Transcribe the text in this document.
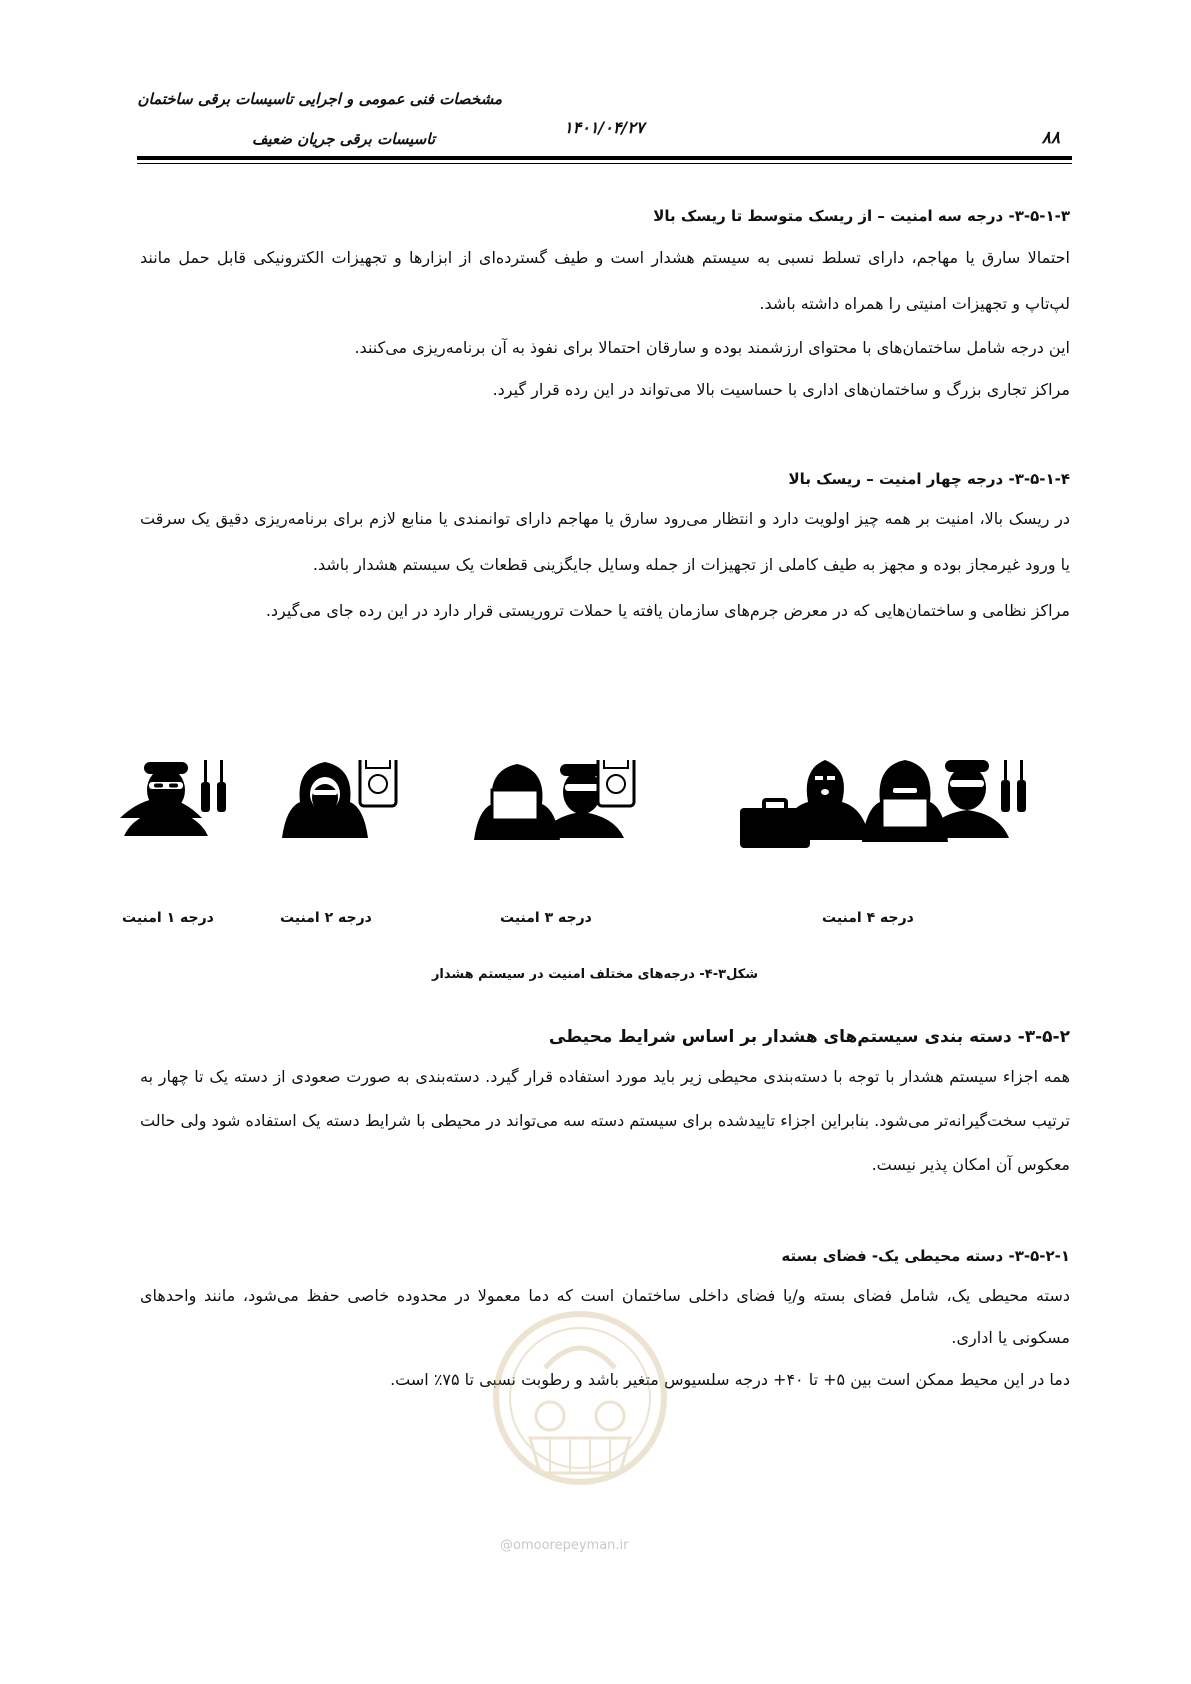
مشخصات فنی عمومی و اجرایی تاسیسات برقی ساختمان
تاسیسات برقی جریان ضعیف
۱۴۰۱/۰۴/۲۷
۸۸

۳-۵-۱-۳- درجه سه امنیت – از ریسک متوسط تا ریسک بالا

احتمالا سارق یا مهاجم، دارای تسلط نسبی به سیستم هشدار است و طیف گسترده‌ای از ابزارها و تجهیزات الکترونیکی قابل حمل مانند لپ‌تاپ و تجهیزات امنیتی را همراه داشته باشد.

این درجه شامل ساختمان‌های با محتوای ارزشمند بوده و سارقان احتمالا برای نفوذ به آن برنامه‌ریزی می‌کنند.

مراکز تجاری بزرگ و ساختمان‌های اداری با حساسیت بالا می‌تواند در این رده قرار گیرد.

۳-۵-۱-۴- درجه چهار امنیت – ریسک بالا

در ریسک بالا، امنیت بر همه چیز اولویت دارد و انتظار می‌رود سارق یا مهاجم دارای توانمندی یا منابع لازم برای برنامه‌ریزی دقیق یک سرقت یا ورود غیرمجاز بوده و مجهز به طیف کاملی از تجهیزات از جمله وسایل جایگزینی قطعات یک سیستم هشدار باشد.

مراکز نظامی و ساختمان‌هایی که در معرض جرم‌های سازمان یافته یا حملات تروریستی قرار دارد در این رده جای می‌گیرد.

درجه ۱ امنیت	درجه ۲ امنیت	درجه ۳ امنیت	درجه ۴ امنیت
شکل۳-۴- درجه‌های مختلف امنیت در سیستم هشدار

۳-۵-۲- دسته بندی سیستم‌های هشدار بر اساس شرایط محیطی

همه اجزاء سیستم هشدار با توجه با دسته‌بندی محیطی زیر باید مورد استفاده قرار گیرد. دسته‌بندی به صورت صعودی از دسته یک تا چهار به ترتیب سخت‌گیرانه‌تر می‌شود. بنابراین اجزاء تاییدشده برای سیستم دسته سه می‌تواند در محیطی با شرایط دسته یک استفاده شود ولی حالت معکوس آن امکان پذیر نیست.

۳-۵-۲-۱- دسته محیطی یک- فضای بسته

دسته محیطی یک، شامل فضای بسته و/یا فضای داخلی ساختمان است که دما معمولا در محدوده خاصی حفظ می‌شود، مانند واحدهای مسکونی یا اداری.

دما در این محیط ممکن است بین ۵+ تا ۴۰+ درجه سلسیوس متغیر باشد و رطوبت نسبی تا ۷۵٪ است.

@omoorepeyman.ir
